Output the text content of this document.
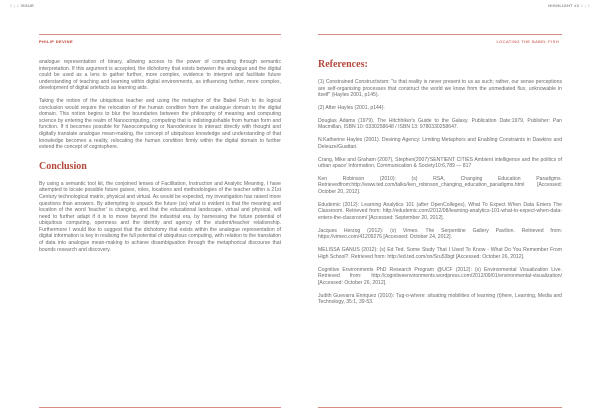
0 | 1 ISSUE	HIGHLIGHT #2 1 | 2
PHILIP DEVINE	LOCATING THE BABEL FISH

analogue representation of binary, allowing access to the power of computing through semantic interpretation. If this argument is accepted, the dichotomy that exists between the analogue and the digital could be used as a lens to gather further, more complex, evidence to interpret and facilitate future understanding of teaching and learning within digital environments, as influencing further, more complex, development of digital artefacts as learning aids.

Taking the notion of the ubiquitous teacher and using the metaphor of the Babel Fish to its logical conclusion would require the relocation of the human condition from the analogue domain to the digital domain. This notion begins to blur the boundaries between the philosophy of meaning and computing science by entering the realm of Nanocomputing, computing that is indistinguishable from human form and function. If it becomes possible for Nanocomputing or Nanodevices to interact directly with thought and digitally translate analogue mean-making, the concept of ubiquitous knowledge and understanding of that knowledge becomes a reality, relocating the human condition firmly within the digital domain to further extend the concept of cognisphere.

Conclusion

By using a semantic tool kit, the conjoined lenses of Facilitation, Instruction and Analytic Meaning, I have attempted to locate possible future guises, roles, locations and methodologies of the teacher within a 21st Century technological matrix, physical and virtual. As would be expected, my investigation has raised more questions than answers. By attempting to unpack the future (so) what is evident is that the meaning and location of the word 'teacher' is changing, and that the educational landscape, virtual and physical, will need to further adapt if it is to move beyond the industrial era, by harnessing the future potential of ubiquitous computing, openness and the identity and agency of the student/teacher relationship. Furthermore I would like to suggest that the dichotomy that exists within the analogue representation of digital information is key in realising the full potential of ubiquitous computing, with relation to the translation of data into analogue mean-making to achieve disambiguation through the metaphorical discourse that bounds research and discovery.

References:

(1) Constrained Constructivism: "is that reality is never present to us as such; rather, our sense perceptions are self-organising processes that construct the world we know from the unmediated flux, unknowable in itself" (Hayles 2001, p145).

(2) After Hayles (2001, p144).

Douglas Adams (1979). The Hitchhiker's Guide to the Galaxy. Publication Date:1979, Publisher: Pan Macmillan, ISBN 10: 0330258648 / ISBN 13: 9780330258647.

N.Katherine Hayles (2001). Desiring Agency: Limiting Metaphors and Enabling Constraints in Dawkins and Deleuze/Guattari.

Crang, Mike and Graham (2007), Stephen(2007)'SENTIENT CITIES Ambient intelligence and the politics of urban space' Information, Communication & Society10:6,789 — 817

Ken Robinson (2010): (s) RSA, Changing Education Paradigms. Retrievedfrom:http://www.ted.com/talks/ken_robinson_changing_education_paradigms.html [Accessed: October 20, 2012].

Edudemic (2012): Learning Analytics 101 (after OpenColleges), What To Expect When Data Enters The Classroom. Retrieved from: http://edudemic.com/2012/08/learning-analytics-101-what-to-expect-when-data-enters-the-classroom/ [Accessed: September 20, 2012].

Jacques Herzog (2012): (s) Vimeo. The Serpentine Gallery Pavilion. Retrieved from: https://vimeo.com/41209276 [Accessed: October 24, 2012].

MELISSA GANUS (2012): (s) Ed Ted. Some Study That I Used To Know - What Do You Remember From High School?. Retrieved from: http://ed.ted.com/on/Sru53bgt [Accessed: October 26, 2012].

Cognitive Environments PhD Research Program @UCF (2012): (s) Environmental Visualization Live. Retrieved from: http://cognitiveenvironments.wordpress.com/2012/09/01/environmental-visualization/ [Accessed: October 26, 2012].

Judith Guevarra Enriquez (2010): Tug-o-where: situating mobilities of learning (t)here, Learning, Media and Technology, 35:1, 39-53.
